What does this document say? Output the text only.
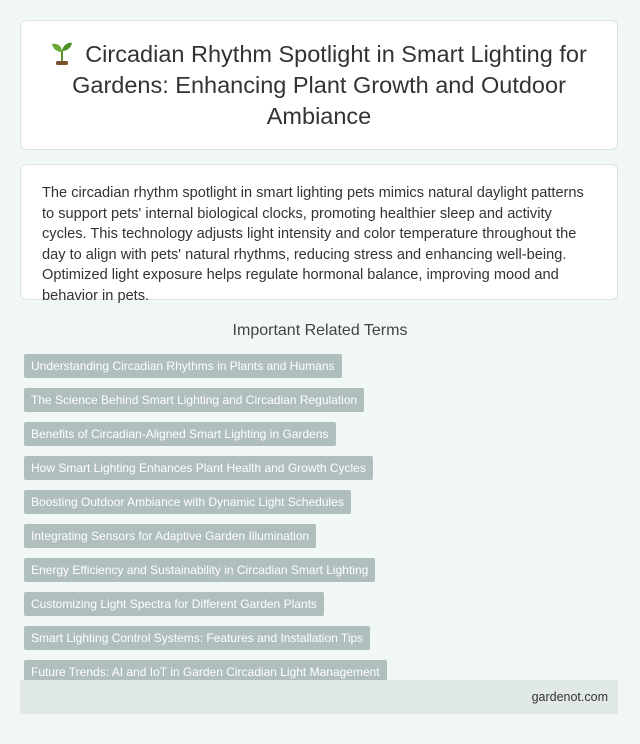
Circadian Rhythm Spotlight in Smart Lighting for Gardens: Enhancing Plant Growth and Outdoor Ambiance

The circadian rhythm spotlight in smart lighting pets mimics natural daylight patterns to support pets' internal biological clocks, promoting healthier sleep and activity cycles. This technology adjusts light intensity and color temperature throughout the day to align with pets' natural rhythms, reducing stress and enhancing well-being. Optimized light exposure helps regulate hormonal balance, improving mood and behavior in pets.

Important Related Terms
Understanding Circadian Rhythms in Plants and Humans
The Science Behind Smart Lighting and Circadian Regulation
Benefits of Circadian-Aligned Smart Lighting in Gardens
How Smart Lighting Enhances Plant Health and Growth Cycles
Boosting Outdoor Ambiance with Dynamic Light Schedules
Integrating Sensors for Adaptive Garden Illumination
Energy Efficiency and Sustainability in Circadian Smart Lighting
Customizing Light Spectra for Different Garden Plants
Smart Lighting Control Systems: Features and Installation Tips
Future Trends: AI and IoT in Garden Circadian Light Management
gardenot.com
